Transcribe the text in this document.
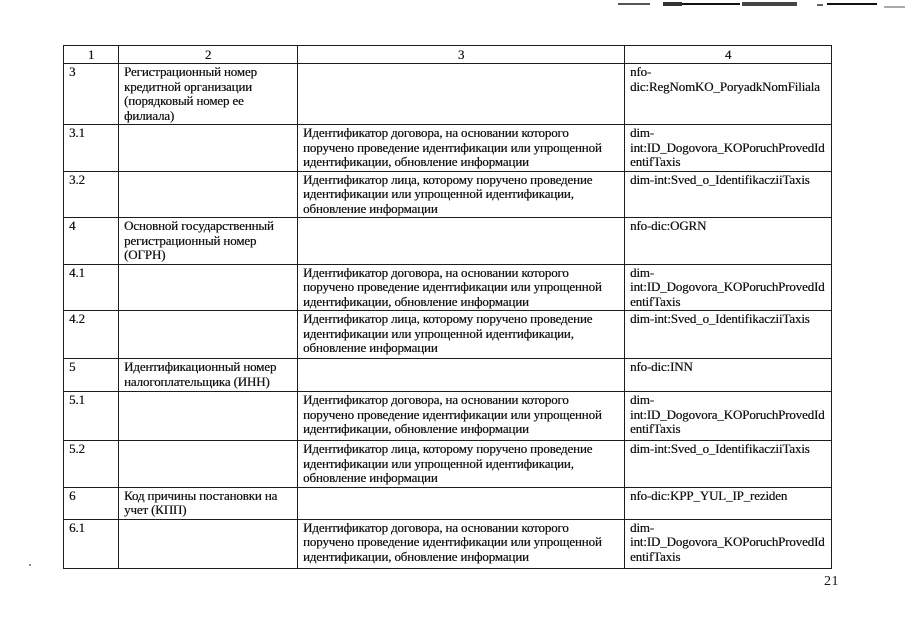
1	2	3	4
3	Регистрационный номер кредитной организации (порядковый номер ее филиала)		nfo-dic:RegNomKO_PoryadkNomFiliala
3.1		Идентификатор договора, на основании которого поручено проведение идентификации или упрощенной идентификации, обновление информации	dim-int:ID_Dogovora_KOPoruchProvedIdentifTaxis
3.2		Идентификатор лица, которому поручено проведение идентификации или упрощенной идентификации, обновление информации	dim-int:Sved_o_IdentifikacziiTaxis
4	Основной государственный регистрационный номер (ОГРН)		nfo-dic:OGRN
4.1		Идентификатор договора, на основании которого поручено проведение идентификации или упрощенной идентификации, обновление информации	dim-int:ID_Dogovora_KOPoruchProvedIdentifTaxis
4.2		Идентификатор лица, которому поручено проведение идентификации или упрощенной идентификации, обновление информации	dim-int:Sved_o_IdentifikacziiTaxis
5	Идентификационный номер налогоплательщика (ИНН)		nfo-dic:INN
5.1		Идентификатор договора, на основании которого поручено проведение идентификации или упрощенной идентификации, обновление информации	dim-int:ID_Dogovora_KOPoruchProvedIdentifTaxis
5.2		Идентификатор лица, которому поручено проведение идентификации или упрощенной идентификации, обновление информации	dim-int:Sved_o_IdentifikacziiTaxis
6	Код причины постановки на учет (КПП)		nfo-dic:KPP_YUL_IP_reziden
6.1		Идентификатор договора, на основании которого поручено проведение идентификации или упрощенной идентификации, обновление информации	dim-int:ID_Dogovora_KOPoruchProvedIdentifTaxis
21
